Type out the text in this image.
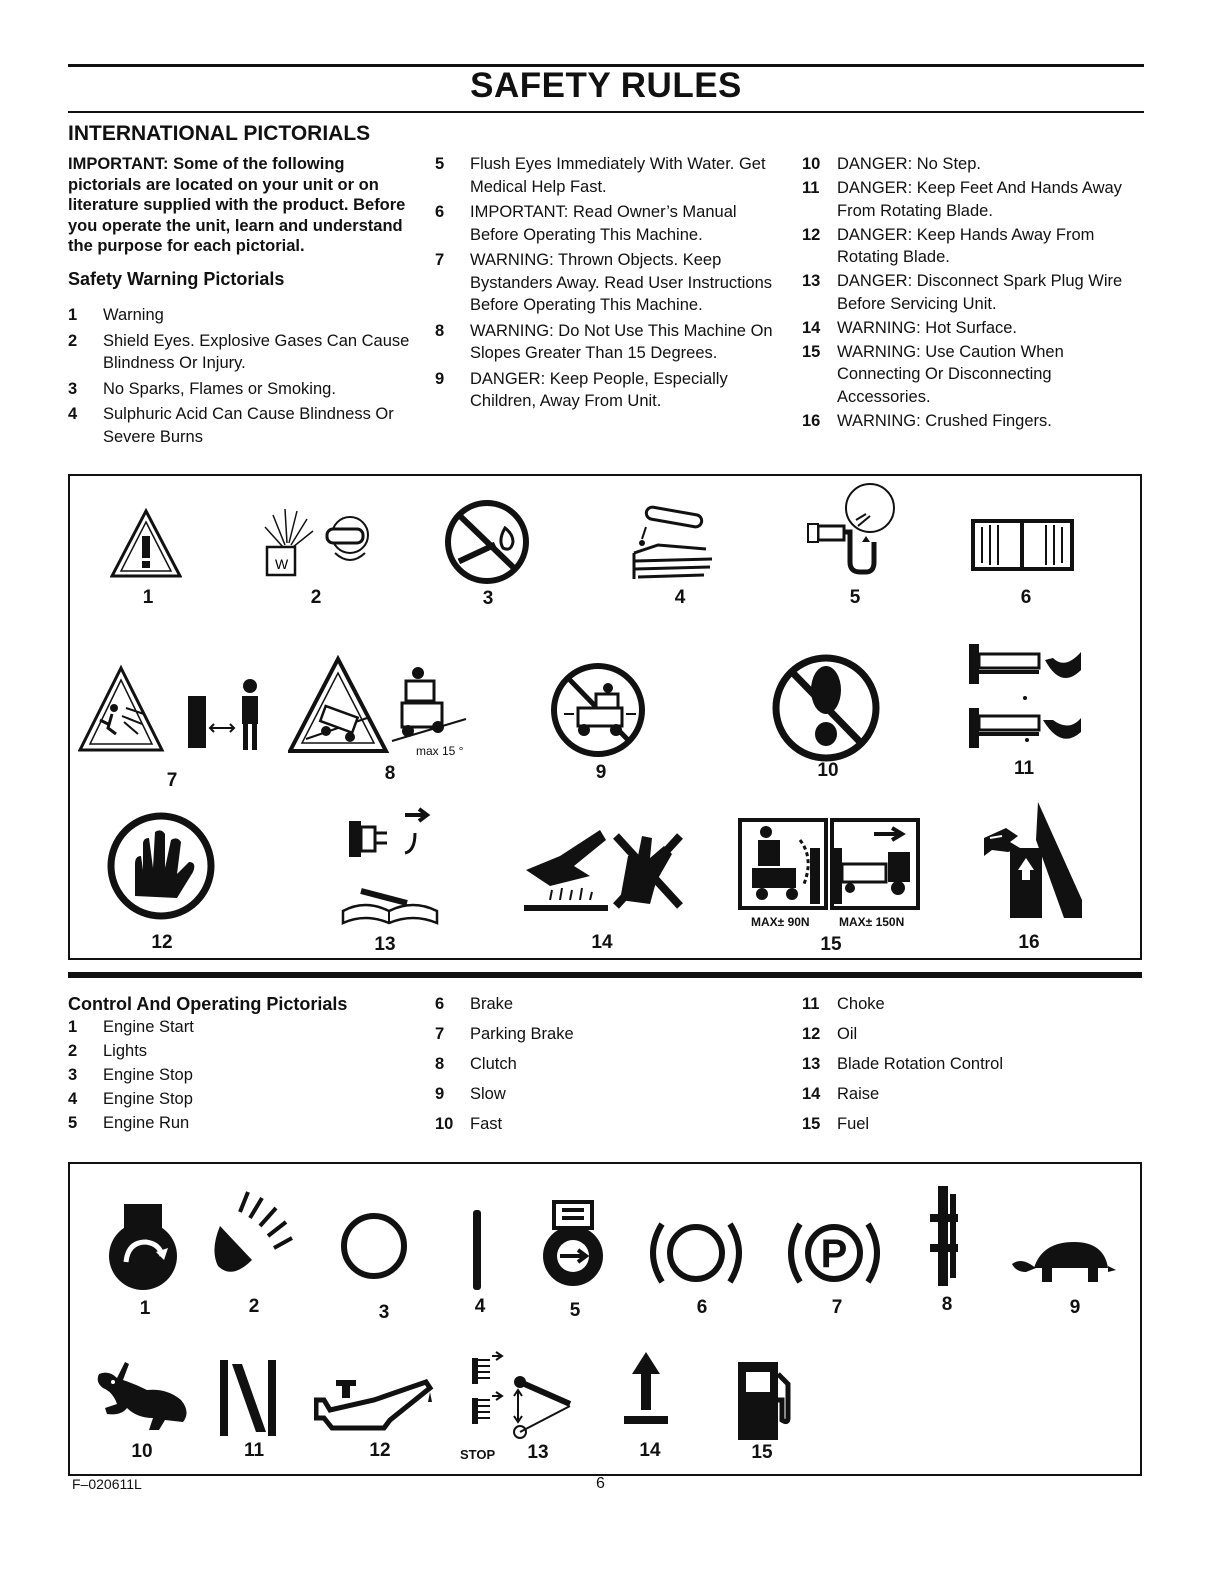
SAFETY RULES
INTERNATIONAL PICTORIALS
IMPORTANT: Some of the following pictorials are located on your unit or on literature supplied with the product. Before you operate the unit, learn and understand the purpose for each pictorial.
Safety Warning Pictorials
1	Warning
2	Shield Eyes. Explosive Gases Can Cause Blindness Or Injury.
3	No Sparks, Flames or Smoking.
4	Sulphuric Acid Can Cause Blindness Or Severe Burns
5	Flush Eyes Immediately With Water. Get Medical Help Fast.
6	IMPORTANT: Read Owner’s Manual Before Operating This Machine.
7	WARNING: Thrown Objects. Keep Bystanders Away. Read User Instructions Before Operating This Machine.
8	WARNING: Do Not Use This Machine On Slopes Greater Than 15 Degrees.
9	DANGER: Keep People, Especially Children, Away From Unit.
10	DANGER: No Step.
11	DANGER: Keep Feet And Hands Away From Rotating Blade.
12	DANGER: Keep Hands Away From Rotating Blade.
13	DANGER: Disconnect Spark Plug Wire Before Servicing Unit.
14	WARNING: Hot Surface.
15	WARNING: Use Caution When Connecting Or Disconnecting Accessories.
16	WARNING: Crushed Fingers.
W
1	2	3	4	5	6
max 15 °
7	8	9	10	11
MAX± 90N MAX± 150N
12	13	14	15	16
Control And Operating Pictorials
1	Engine Start
2	Lights
3	Engine Stop
4	Engine Stop
5	Engine Run
6	Brake
7	Parking Brake
8	Clutch
9	Slow
10	Fast
11	Choke
12	Oil
13	Blade Rotation Control
14	Raise
15	Fuel
P
1	2	3	4	5	6	7	8	9
STOP
10	11	12	13	14	15
F–020611L	6
